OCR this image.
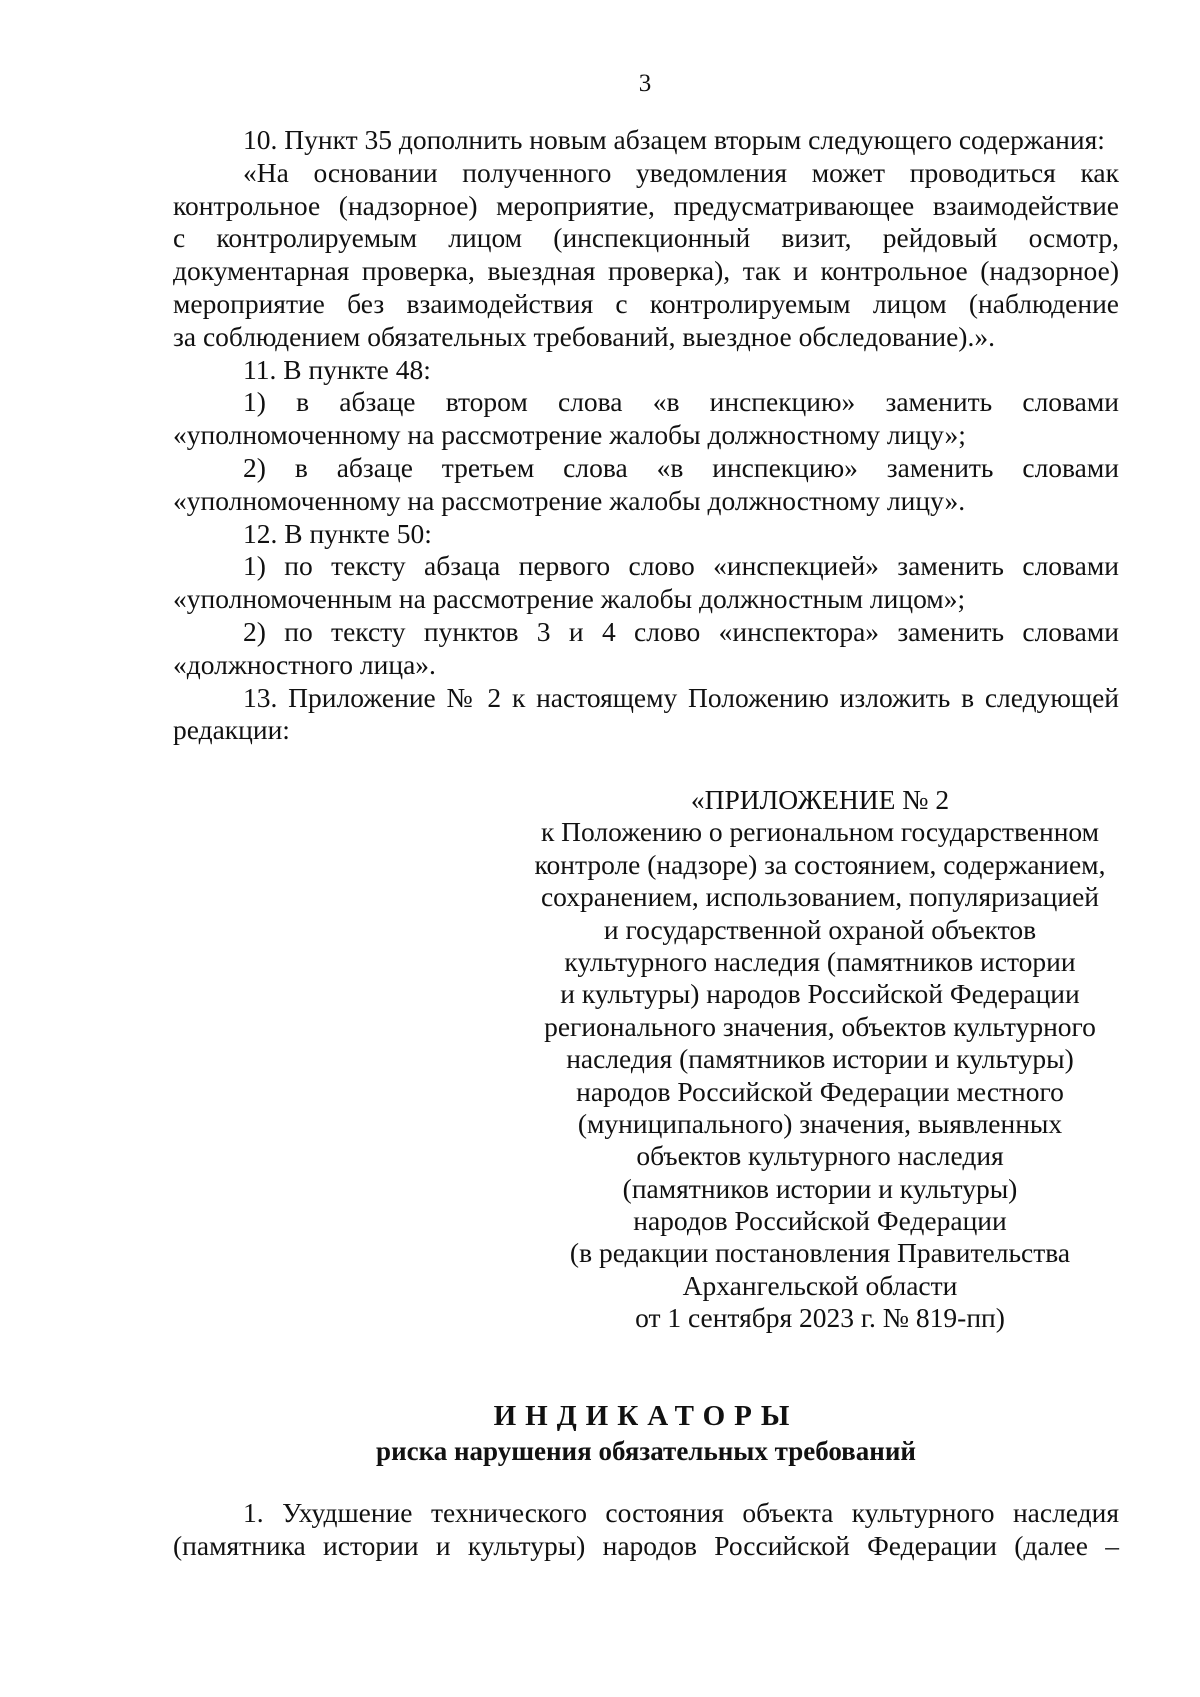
3
10. Пункт 35 дополнить новым абзацем вторым следующего содержания:
«На основании полученного уведомления может проводиться как
контрольное (надзорное) мероприятие, предусматривающее взаимодействие
с контролируемым лицом (инспекционный визит, рейдовый осмотр,
документарная проверка, выездная проверка), так и контрольное (надзорное)
мероприятие без взаимодействия с контролируемым лицом (наблюдение
за соблюдением обязательных требований, выездное обследование).».
11. В пункте 48:
1) в абзаце втором слова «в инспекцию» заменить словами
«уполномоченному на рассмотрение жалобы должностному лицу»;
2) в абзаце третьем слова «в инспекцию» заменить словами
«уполномоченному на рассмотрение жалобы должностному лицу».
12. В пункте 50:
1) по тексту абзаца первого слово «инспекцией» заменить словами
«уполномоченным на рассмотрение жалобы должностным лицом»;
2) по тексту пунктов 3 и 4 слово «инспектора» заменить словами
«должностного лица».
13. Приложение № 2 к настоящему Положению изложить в следующей
редакции:
«ПРИЛОЖЕНИЕ № 2
к Положению о региональном государственном
контроле (надзоре) за состоянием, содержанием,
сохранением, использованием, популяризацией
и государственной охраной объектов
культурного наследия (памятников истории
и культуры) народов Российской Федерации
регионального значения, объектов культурного
наследия (памятников истории и культуры)
народов Российской Федерации местного
(муниципального) значения, выявленных
объектов культурного наследия
(памятников истории и культуры)
народов Российской Федерации
(в редакции постановления Правительства
Архангельской области
от 1 сентября 2023 г. № 819-пп)
ИНДИКАТОРЫ
риска нарушения обязательных требований
1. Ухудшение технического состояния объекта культурного наследия
(памятника истории и культуры) народов Российской Федерации (далее –
